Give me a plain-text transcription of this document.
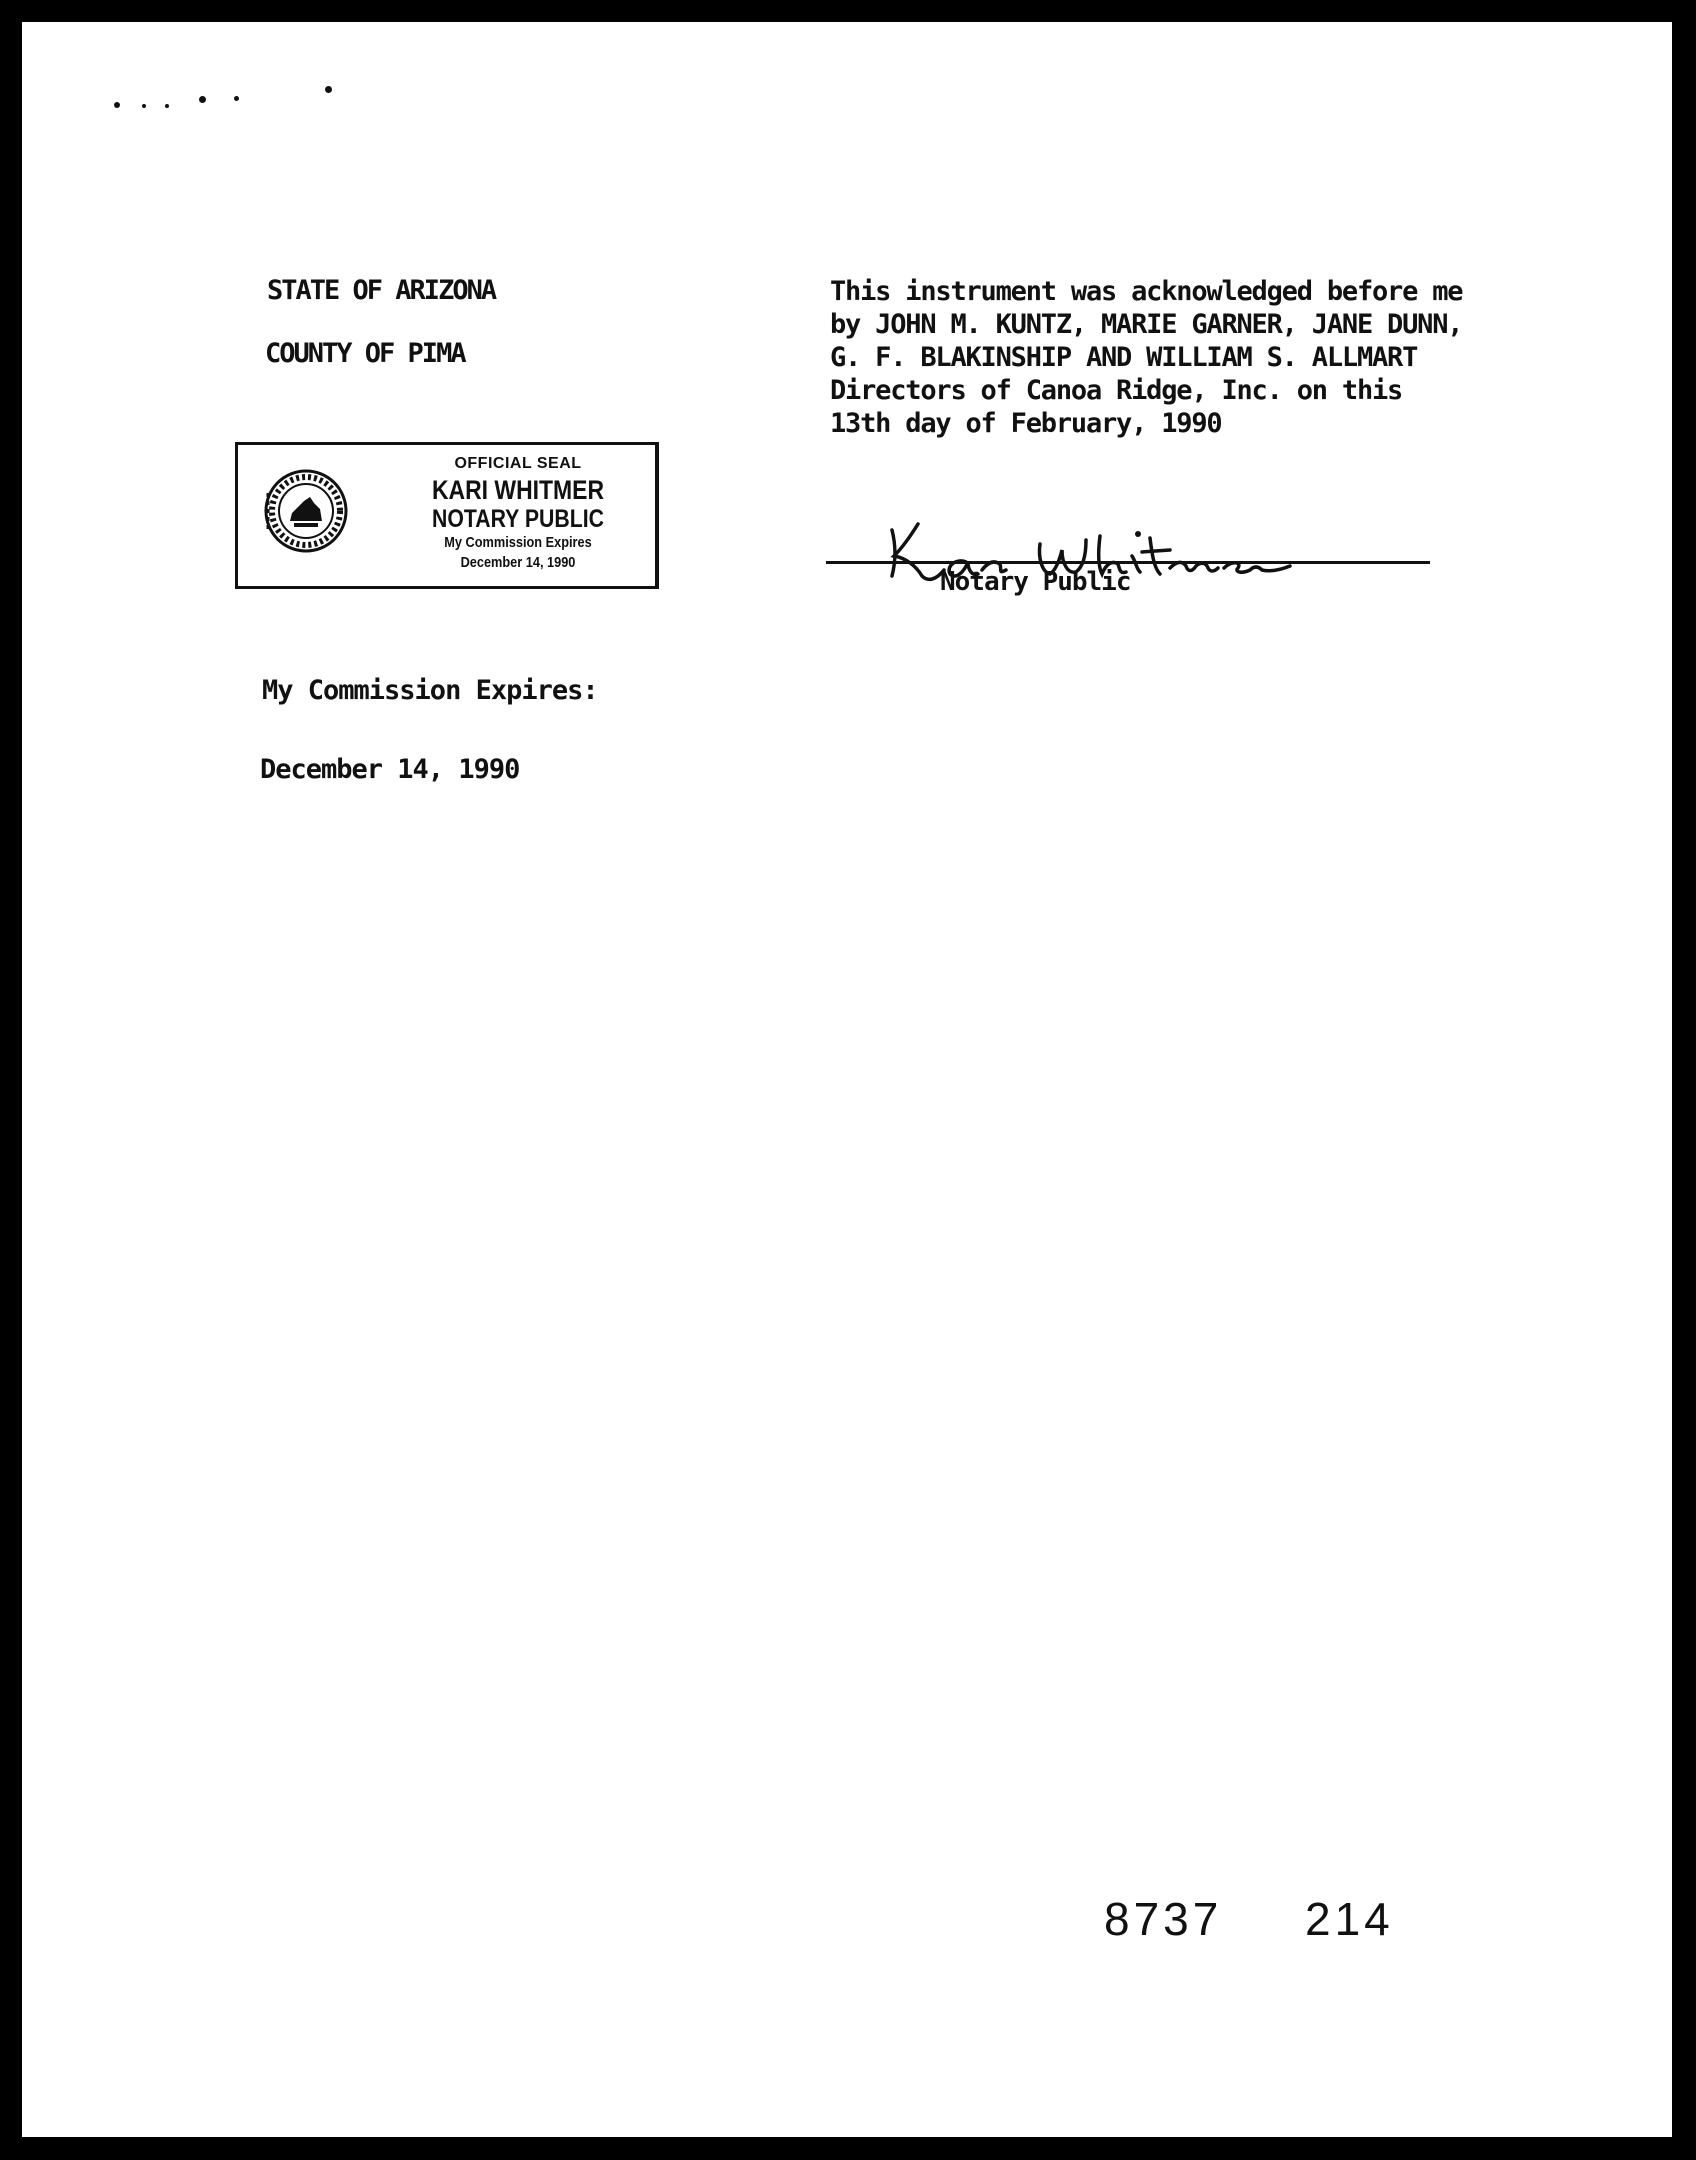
STATE OF ARIZONA
COUNTY OF PIMA
This instrument was acknowledged before me
by JOHN M. KUNTZ, MARIE GARNER, JANE DUNN,
G. F. BLAKINSHIP AND WILLIAM S. ALLMART
Directors of Canoa Ridge, Inc. on this
13th day of February, 1990
OFFICIAL SEAL
KARI WHITMER
NOTARY PUBLIC
My Commission Expires
December 14, 1990
Notary Public
My Commission Expires:
December 14, 1990
8737 214
